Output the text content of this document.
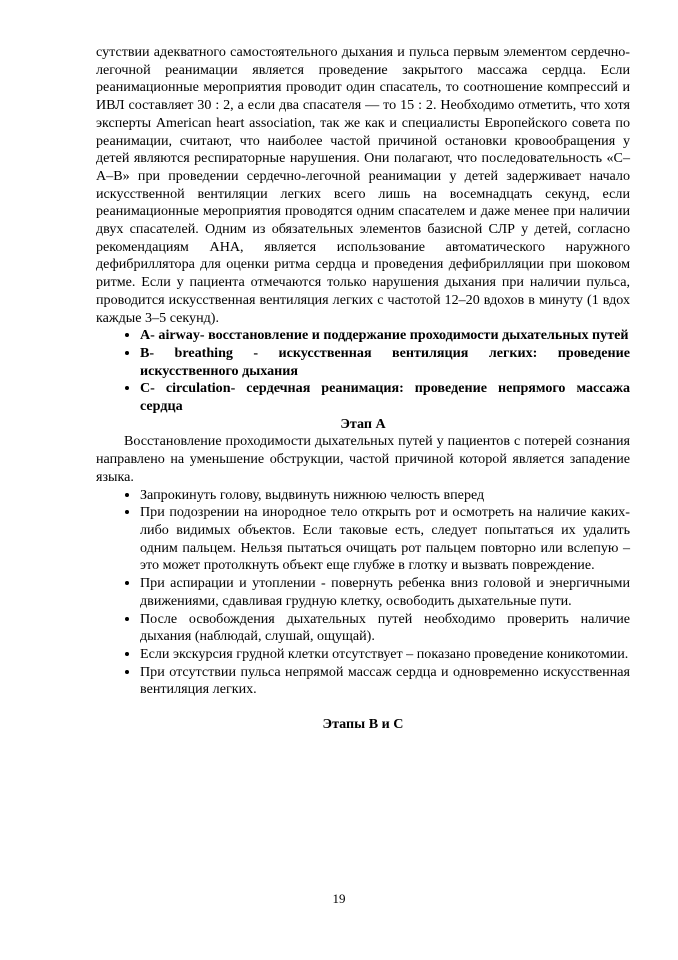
сутствии адекватного самостоятельного дыхания и пульса первым элементом сердечно-легочной реанимации является проведение закрытого массажа сердца. Если реанимационные мероприятия проводит один спасатель, то соотношение компрессий и ИВЛ составляет 30 : 2, а если два спасателя — то 15 : 2. Необходимо отметить, что хотя эксперты American heart association, так же как и специалисты Европейского совета по реанимации, считают, что наиболее частой причиной остановки кровообращения у детей являются респираторные нарушения. Они полагают, что последовательность «C–A–B» при проведении сердечно-легочной реанимации у детей задерживает начало искусственной вентиляции легких всего лишь на восемнадцать секунд, если реанимационные мероприятия проводятся одним спасателем и даже менее при наличии двух спасателей. Одним из обязательных элементов базисной СЛР у детей, согласно рекомендациям AHA, является использование автоматического наружного дефибриллятора для оценки ритма сердца и проведения дефибрилляции при шоковом ритме. Если у пациента отмечаются только нарушения дыхания при наличии пульса, проводится искусственная вентиляция легких с частотой 12–20 вдохов в минуту (1 вдох каждые 3–5 секунд).

• A- airway- восстановление и поддержание проходимости дыхательных путей
• B- breathing - искусственная вентиляция легких: проведение искусственного дыхания
• C- circulation- сердечная реанимация: проведение непрямого массажа сердца

Этап А

Восстановление проходимости дыхательных путей у пациентов с потерей сознания направлено на уменьшение обструкции, частой причиной которой является западение языка.

• Запрокинуть голову, выдвинуть нижнюю челюсть вперед
• При подозрении на инородное тело открыть рот и осмотреть на наличие каких-либо видимых объектов. Если таковые есть, следует попытаться их удалить одним пальцем. Нельзя пытаться очищать рот пальцем повторно или вслепую – это может протолкнуть объект еще глубже в глотку и вызвать повреждение.
• При аспирации и утоплении - повернуть ребенка вниз головой и энергичными движениями, сдавливая грудную клетку, освободить дыхательные пути.
• После освобождения дыхательных путей необходимо проверить наличие дыхания (наблюдай, слушай, ощущай).
• Если экскурсия грудной клетки отсутствует – показано проведение коникотомии.
• При отсутствии пульса непрямой массаж сердца и одновременно искусственная вентиляция легких.

Этапы В и С

19
